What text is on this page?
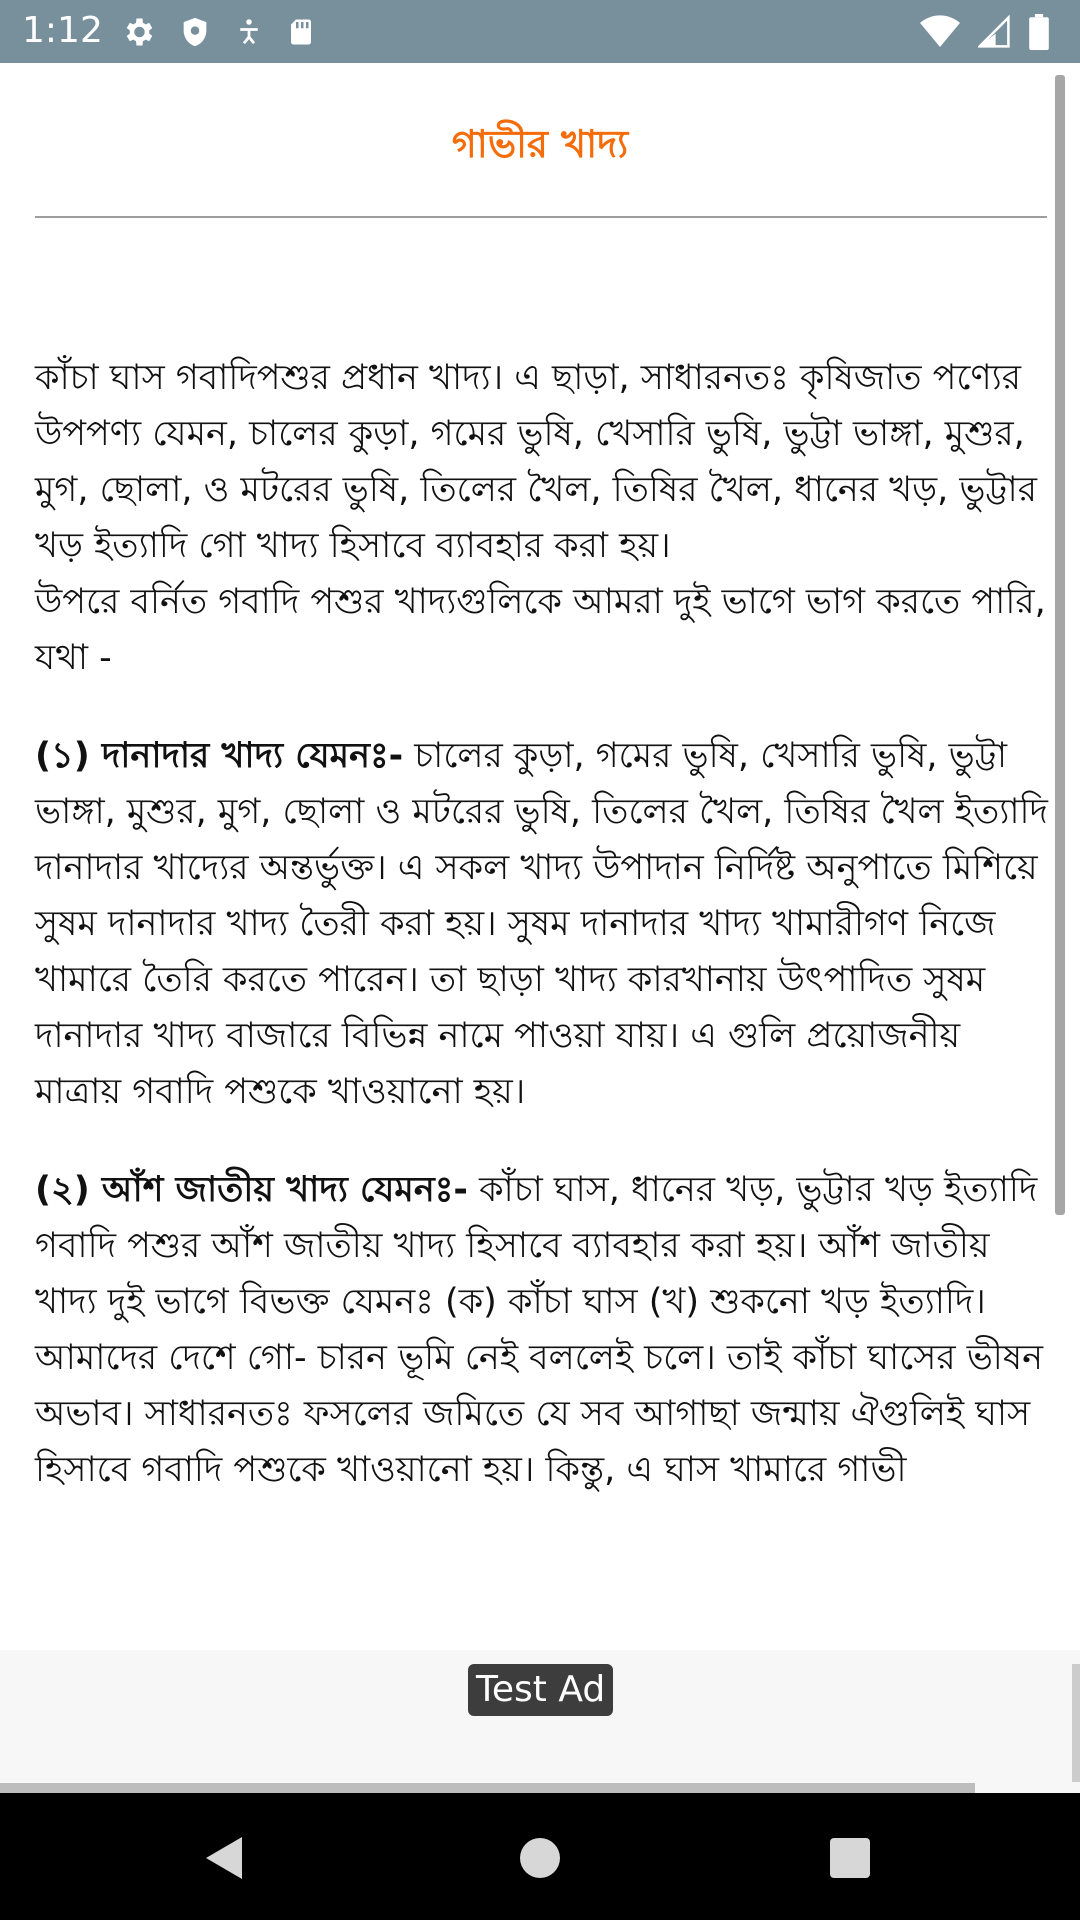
1:12
গাভীর খাদ্য

কাঁচা ঘাস গবাদিপশুর প্রধান খাদ্য। এ ছাড়া, সাধারনতঃ কৃষিজাত পণ্যের উপপণ্য যেমন, চালের কুড়া, গমের ভুষি, খেসারি ভুষি, ভুট্টা ভাঙ্গা, মুশুর, মুগ, ছোলা, ও মটরের ভুষি, তিলের খৈল, তিষির খৈল, ধানের খড়, ভুট্টার খড় ইত্যাদি গো খাদ্য হিসাবে ব্যাবহার করা হয়।

উপরে বর্নিত গবাদি পশুর খাদ্যগুলিকে আমরা দুই ভাগে ভাগ করতে পারি, যথা -

(১) দানাদার খাদ্য যেমনঃ- চালের কুড়া, গমের ভুষি, খেসারি ভুষি, ভুট্টা ভাঙ্গা, মুশুর, মুগ, ছোলা ও মটরের ভুষি, তিলের খৈল, তিষির খৈল ইত্যাদি দানাদার খাদ্যের অন্তর্ভুক্ত। এ সকল খাদ্য উপাদান নির্দিষ্ট অনুপাতে মিশিয়ে সুষম দানাদার খাদ্য তৈরী করা হয়। সুষম দানাদার খাদ্য খামারীগণ নিজে খামারে তৈরি করতে পারেন। তা ছাড়া খাদ্য কারখানায় উৎপাদিত সুষম দানাদার খাদ্য বাজারে বিভিন্ন নামে পাওয়া যায়। এ গুলি প্রয়োজনীয় মাত্রায় গবাদি পশুকে খাওয়ানো হয়।

(২) আঁশ জাতীয় খাদ্য যেমনঃ- কাঁচা ঘাস, ধানের খড়, ভুট্টার খড় ইত্যাদি গবাদি পশুর আঁশ জাতীয় খাদ্য হিসাবে ব্যাবহার করা হয়। আঁশ জাতীয় খাদ্য দুই ভাগে বিভক্ত যেমনঃ (ক) কাঁচা ঘাস (খ) শুকনো খড় ইত্যাদি।আমাদের দেশে গো- চারন ভূমি নেই বললেই চলে। তাই কাঁচা ঘাসের ভীষন অভাব। সাধারনতঃ ফসলের জমিতে যে সব আগাছা জন্মায় ঐগুলিই ঘাস হিসাবে গবাদি পশুকে খাওয়ানো হয়। কিন্তু, এ ঘাস খামারে গাভী

Test Ad
